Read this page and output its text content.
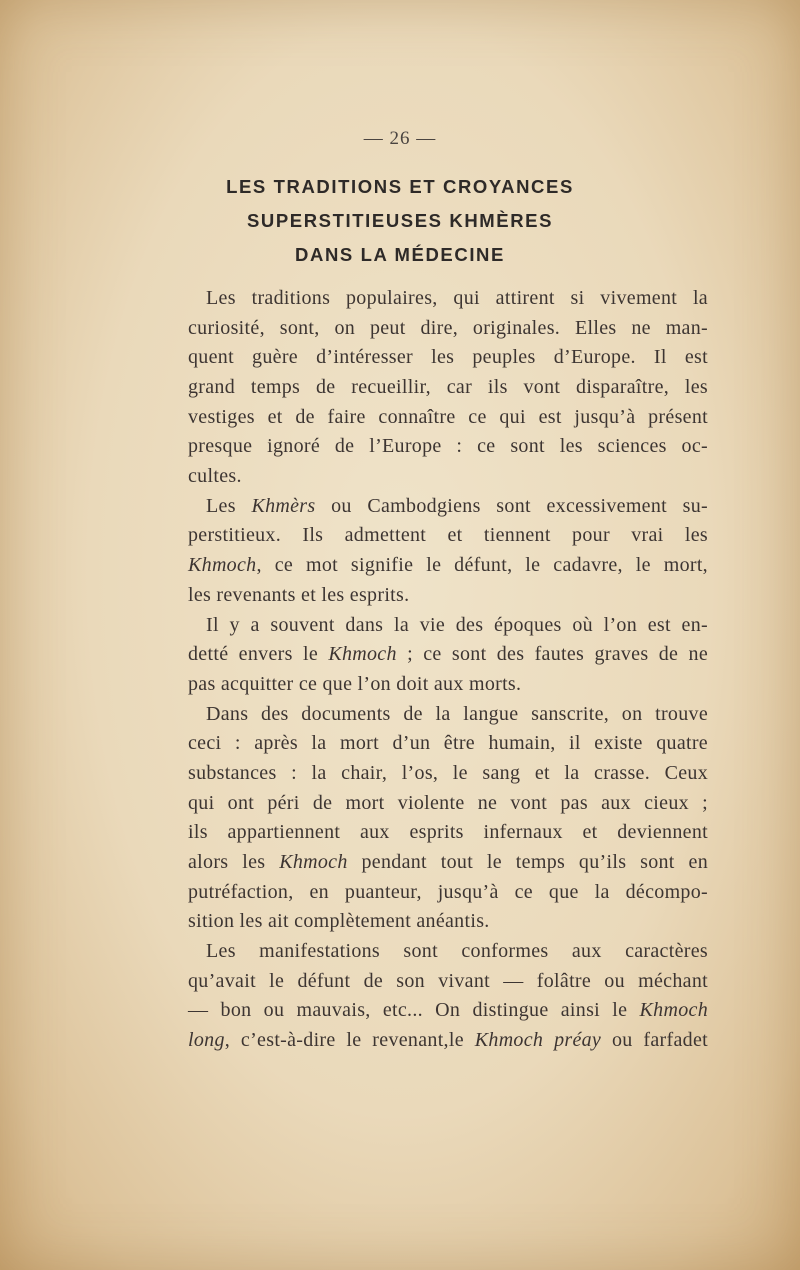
— 26 —
LES TRADITIONS ET CROYANCES
SUPERSTITIEUSES KHMÈRES
DANS LA MÉDECINE
Les traditions populaires, qui attirent si vivement la
curiosité, sont, on peut dire, originales. Elles ne man-
quent guère d’intéresser les peuples d’Europe. Il est
grand temps de recueillir, car ils vont disparaître, les
vestiges et de faire connaître ce qui est jusqu’à présent
presque ignoré de l’Europe : ce sont les sciences oc-
cultes.
Les Khmèrs ou Cambodgiens sont excessivement su-
perstitieux. Ils admettent et tiennent pour vrai les
Khmoch, ce mot signifie le défunt, le cadavre, le mort,
les revenants et les esprits.
Il y a souvent dans la vie des époques où l’on est en-
detté envers le Khmoch ; ce sont des fautes graves de ne
pas acquitter ce que l’on doit aux morts.
Dans des documents de la langue sanscrite, on trouve
ceci : après la mort d’un être humain, il existe quatre
substances : la chair, l’os, le sang et la crasse. Ceux
qui ont péri de mort violente ne vont pas aux cieux ;
ils appartiennent aux esprits infernaux et deviennent
alors les Khmoch pendant tout le temps qu’ils sont en
putréfaction, en puanteur, jusqu’à ce que la décompo-
sition les ait complètement anéantis.
Les manifestations sont conformes aux caractères
qu’avait le défunt de son vivant — folâtre ou méchant
— bon ou mauvais, etc... On distingue ainsi le Khmoch
long, c’est-à-dire le revenant,le Khmoch préay ou farfadet
